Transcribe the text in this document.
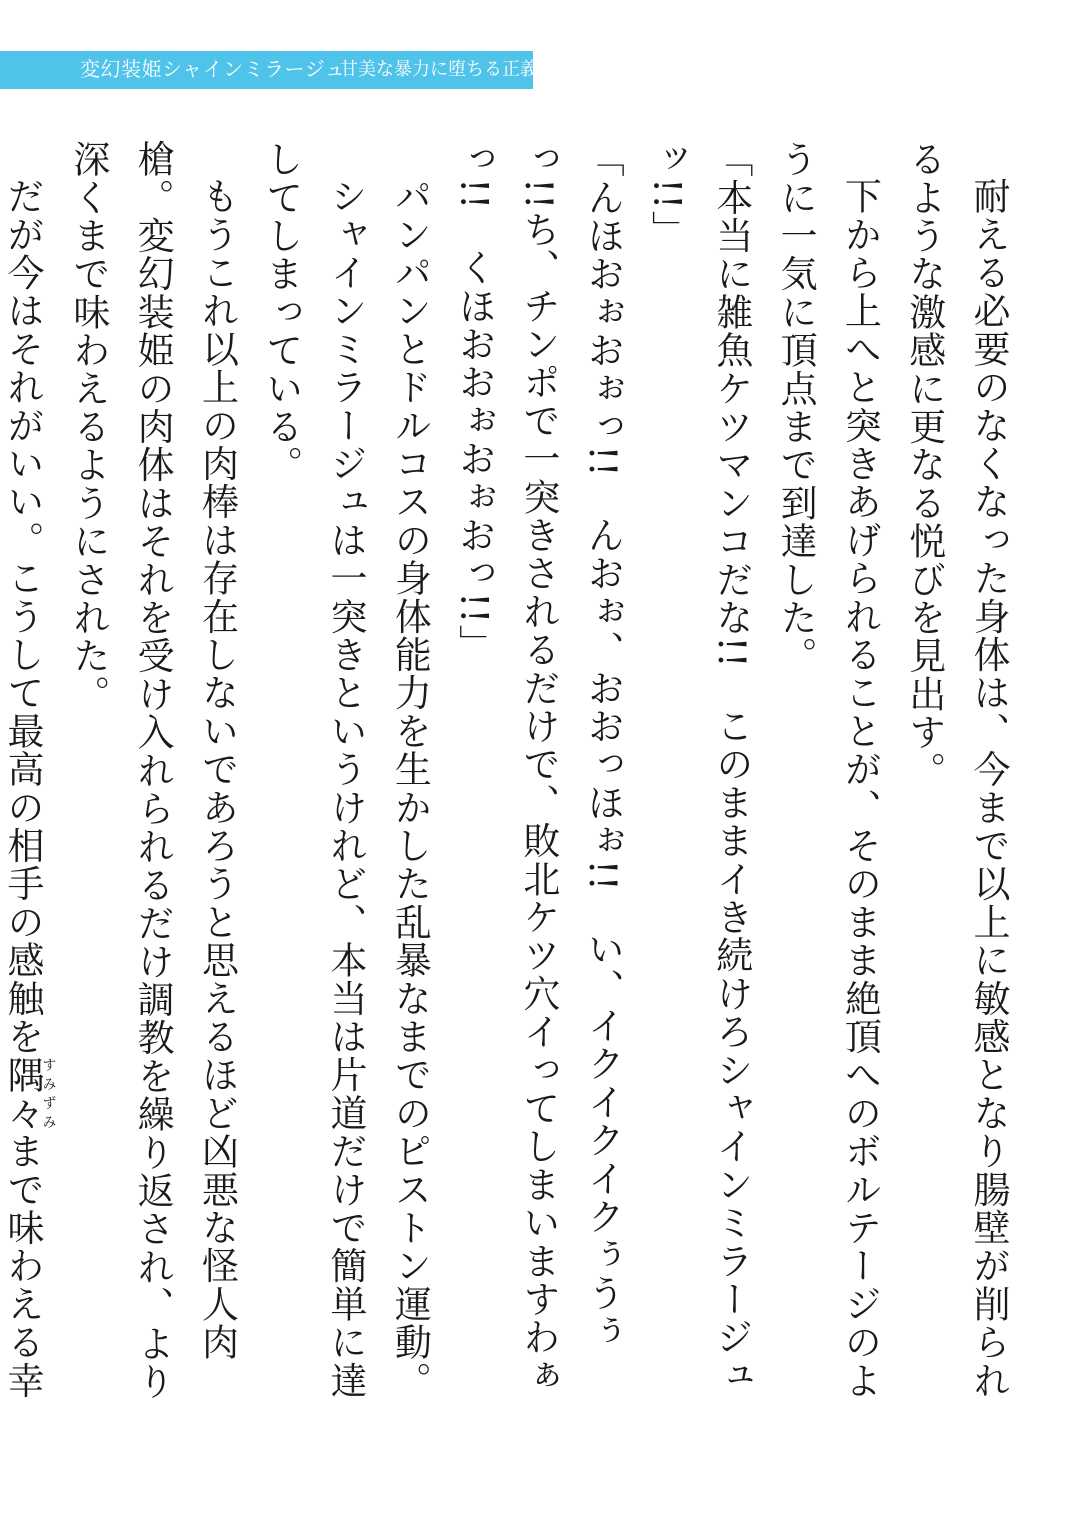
変幻装姫シャインミラージュ
甘美な暴力に堕ちる正義

耐える必要のなくなった身体は、今まで以上に敏感となり腸壁が削られるような激感に更なる悦びを見出す。

下から上へと突きあげられることが、そのまま絶頂へのボルテージのように一気に頂点まで到達した。

「本当に雑魚ケツマンコだな!!　このままイき続けろシャインミラージュッ!!」

「んほおぉおぉっ!!　んおぉ、おおっほぉ!!　い、イクイクイクぅうぅっ!!ち、チンポで一突きされるだけで、敗北ケツ穴イってしまいますわぁっ!!　くほおおぉおぉおっ!!」

パンパンとドルコスの身体能力を生かした乱暴なまでのピストン運動。

シャインミラージュは一突きというけれど、本当は片道だけで簡単に達してしまっている。

もうこれ以上の肉棒は存在しないであろうと思えるほど凶悪な怪人肉槍。変幻装姫の肉体はそれを受け入れられるだけ調教を繰り返され、より深くまで味わえるようにされた。

だが今はそれがいい。こうして最高の相手の感触を隅々すみずみまで味わえる幸
